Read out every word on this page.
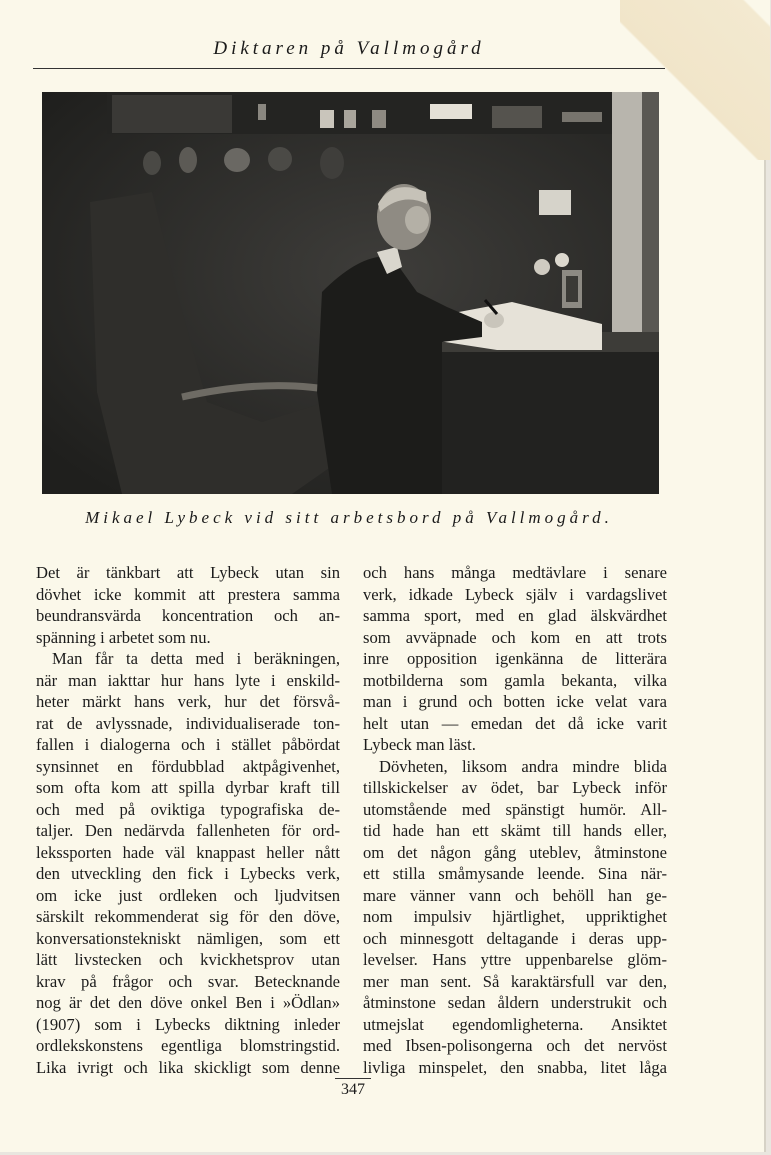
Diktaren på Vallmogård
Mikael Lybeck vid sitt arbetsbord på Vallmogård.
Det är tänkbart att Lybeck utan sin
dövhet icke kommit att prestera samma
beundransvärda koncentration och an-
spänning i arbetet som nu.
Man får ta detta med i beräkningen,
när man iakttar hur hans lyte i enskild-
heter märkt hans verk, hur det försvå-
rat de avlyssnade, individualiserade ton-
fallen i dialogerna och i stället påbördat
synsinnet en fördubblad aktpågivenhet,
som ofta kom att spilla dyrbar kraft till
och med på oviktiga typografiska de-
taljer. Den nedärvda fallenheten för ord-
lekssporten hade väl knappast heller nått
den utveckling den fick i Lybecks verk,
om icke just ordleken och ljudvitsen
särskilt rekommenderat sig för den döve,
konversationstekniskt nämligen, som ett
lätt livstecken och kvickhetsprov utan
krav på frågor och svar. Betecknande
nog är det den döve onkel Ben i »Ödlan»
(1907) som i Lybecks diktning inleder
ordlekskonstens egentliga blomstringstid.
Lika ivrigt och lika skickligt som denne
och hans många medtävlare i senare
verk, idkade Lybeck själv i vardagslivet
samma sport, med en glad älskvärdhet
som avväpnade och kom en att trots
inre opposition igenkänna de litterära
motbilderna som gamla bekanta, vilka
man i grund och botten icke velat vara
helt utan — emedan det då icke varit
Lybeck man läst.
Dövheten, liksom andra mindre blida
tillskickelser av ödet, bar Lybeck inför
utomstående med spänstigt humör. All-
tid hade han ett skämt till hands eller,
om det någon gång uteblev, åtminstone
ett stilla småmysande leende. Sina när-
mare vänner vann och behöll han ge-
nom impulsiv hjärtlighet, uppriktighet
och minnesgott deltagande i deras upp-
levelser. Hans yttre uppenbarelse glöm-
mer man sent. Så karaktärsfull var den,
åtminstone sedan åldern understrukit och
utmejslat egendomligheterna. Ansiktet
med Ibsen-polisongerna och det nervöst
livliga minspelet, den snabba, litet låga
347
